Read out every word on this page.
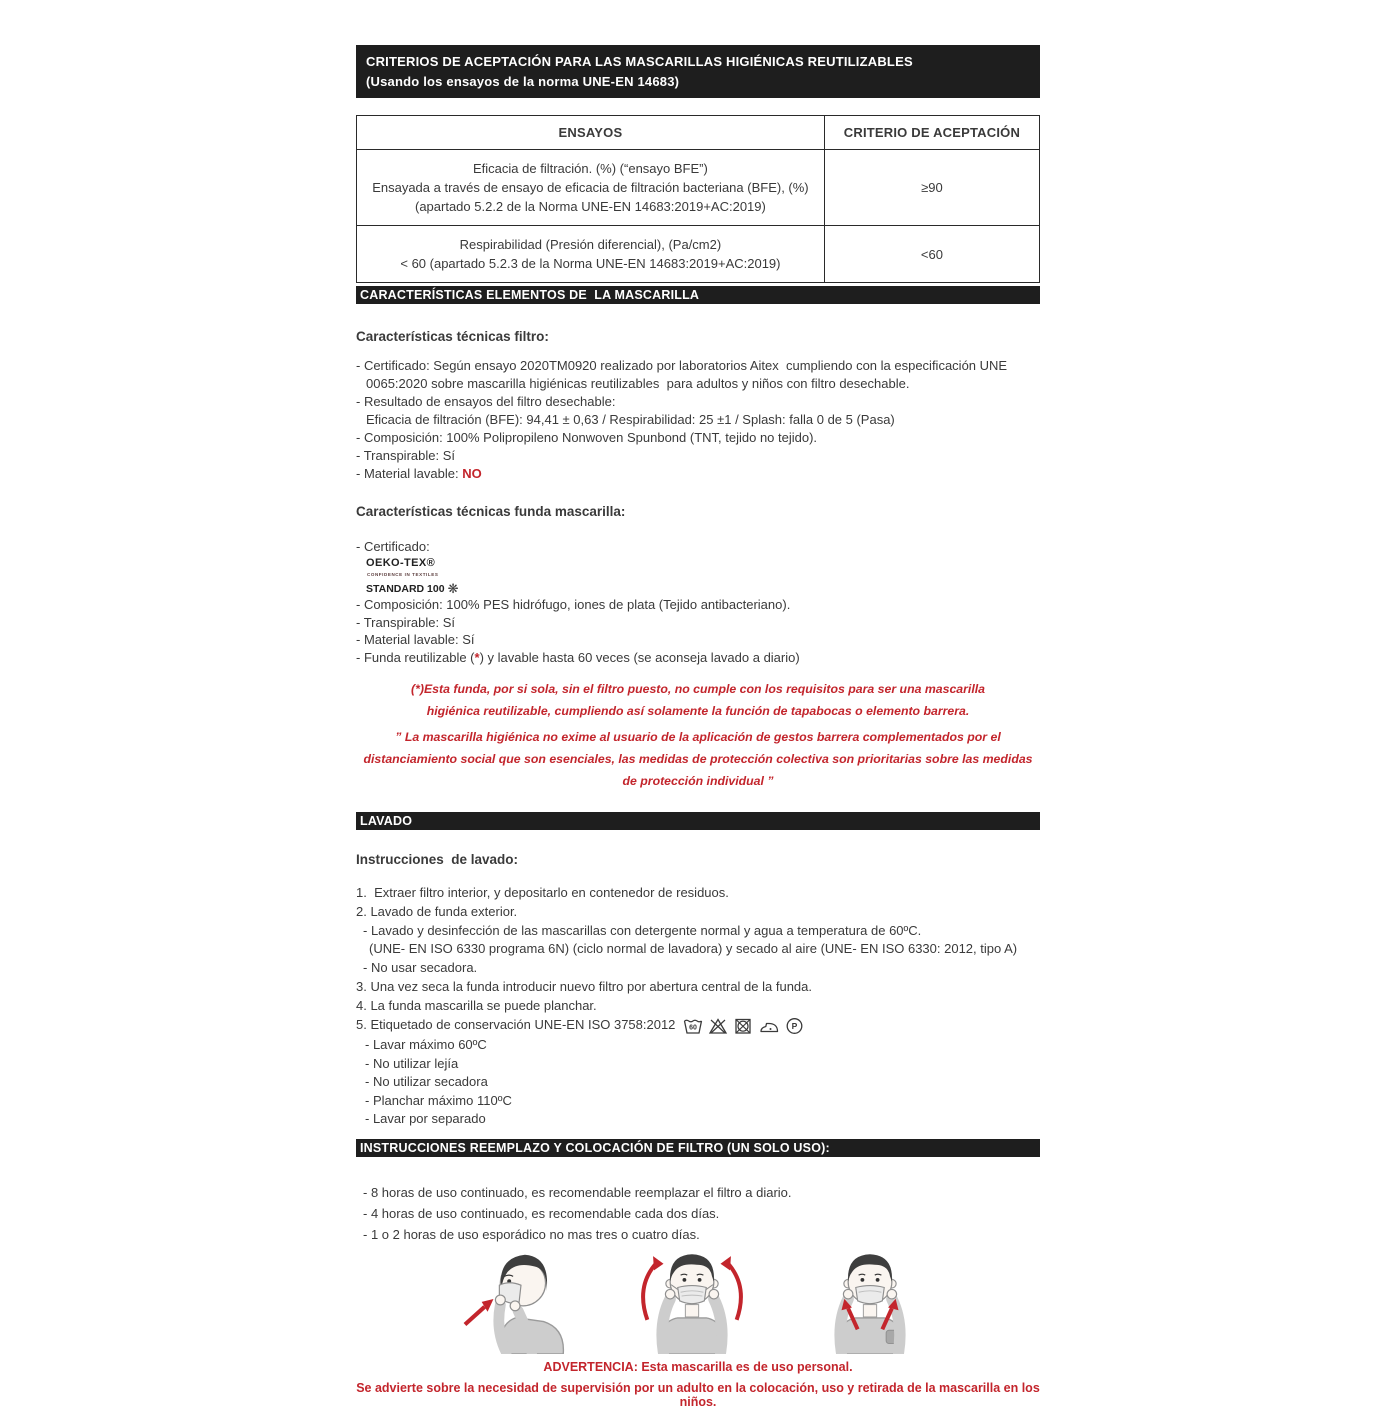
CRITERIOS DE ACEPTACIÓN PARA LAS MASCARILLAS HIGIÉNICAS REUTILIZABLES
(Usando los ensayos de la norma UNE-EN 14683)
ENSAYOS	CRITERIO DE ACEPTACIÓN

Eficacia de filtración. (%) (“ensayo BFE”)
Ensayada a través de ensayo de eficacia de filtración bacteriana (BFE), (%)
(apartado 5.2.2 de la Norma UNE-EN 14683:2019+AC:2019)	≥90

Respirabilidad (Presión diferencial), (Pa/cm2)
< 60 (apartado 5.2.3 de la Norma UNE-EN 14683:2019+AC:2019)	<60
CARACTERÍSTICAS ELEMENTOS DE  LA MASCARILLA
Características técnicas filtro:
- Certificado: Según ensayo 2020TM0920 realizado por laboratorios Aitex  cumpliendo con la especificación UNE 0065:2020 sobre mascarilla higiénicas reutilizables  para adultos y niños con filtro desechable.
- Resultado de ensayos del filtro desechable:
Eficacia de filtración (BFE): 94,41 ± 0,63 / Respirabilidad: 25 ±1 / Splash: falla 0 de 5 (Pasa)
- Composición: 100% Polipropileno Nonwoven Spunbond (TNT, tejido no tejido).
- Transpirable: Sí
- Material lavable: NO
Características técnicas funda mascarilla:
- Certificado:
OEKO-TEX®
CONFIDENCE IN TEXTILES
STANDARD 100 ❋
- Composición: 100% PES hidrófugo, iones de plata (Tejido antibacteriano).
- Transpirable: Sí
- Material lavable: Sí
- Funda reutilizable (*) y lavable hasta 60 veces (se aconseja lavado a diario)
(*)Esta funda, por si sola, sin el filtro puesto, no cumple con los requisitos para ser una mascarilla higiénica reutilizable, cumpliendo así solamente la función de tapabocas o elemento barrera.
” La mascarilla higiénica no exime al usuario de la aplicación de gestos barrera complementados por el distanciamiento social que son esenciales, las medidas de protección colectiva son prioritarias sobre las medidas de protección individual ”
LAVADO
Instrucciones  de lavado:
1.  Extraer filtro interior, y depositarlo en contenedor de residuos.
2. Lavado de funda exterior.
- Lavado y desinfección de las mascarillas con detergente normal y agua a temperatura de 60ºC.
(UNE- EN ISO 6330 programa 6N) (ciclo normal de lavadora) y secado al aire (UNE- EN ISO 6330: 2012, tipo A)
- No usar secadora.
3. Una vez seca la funda introducir nuevo filtro por abertura central de la funda.
4. La funda mascarilla se puede planchar.
5. Etiquetado de conservación UNE-EN ISO 3758:2012 60	P
- Lavar máximo 60ºC
- No utilizar lejía
- No utilizar secadora
- Planchar máximo 110ºC
- Lavar por separado
INSTRUCCIONES REEMPLAZO Y COLOCACIÓN DE FILTRO (UN SOLO USO):
- 8 horas de uso continuado, es recomendable reemplazar el filtro a diario.
- 4 horas de uso continuado, es recomendable cada dos días.
- 1 o 2 horas de uso esporádico no mas tres o cuatro días.
ADVERTENCIA: Esta mascarilla es de uso personal.
Se advierte sobre la necesidad de supervisión por un adulto en la colocación, uso y retirada de la mascarilla en los niños.
